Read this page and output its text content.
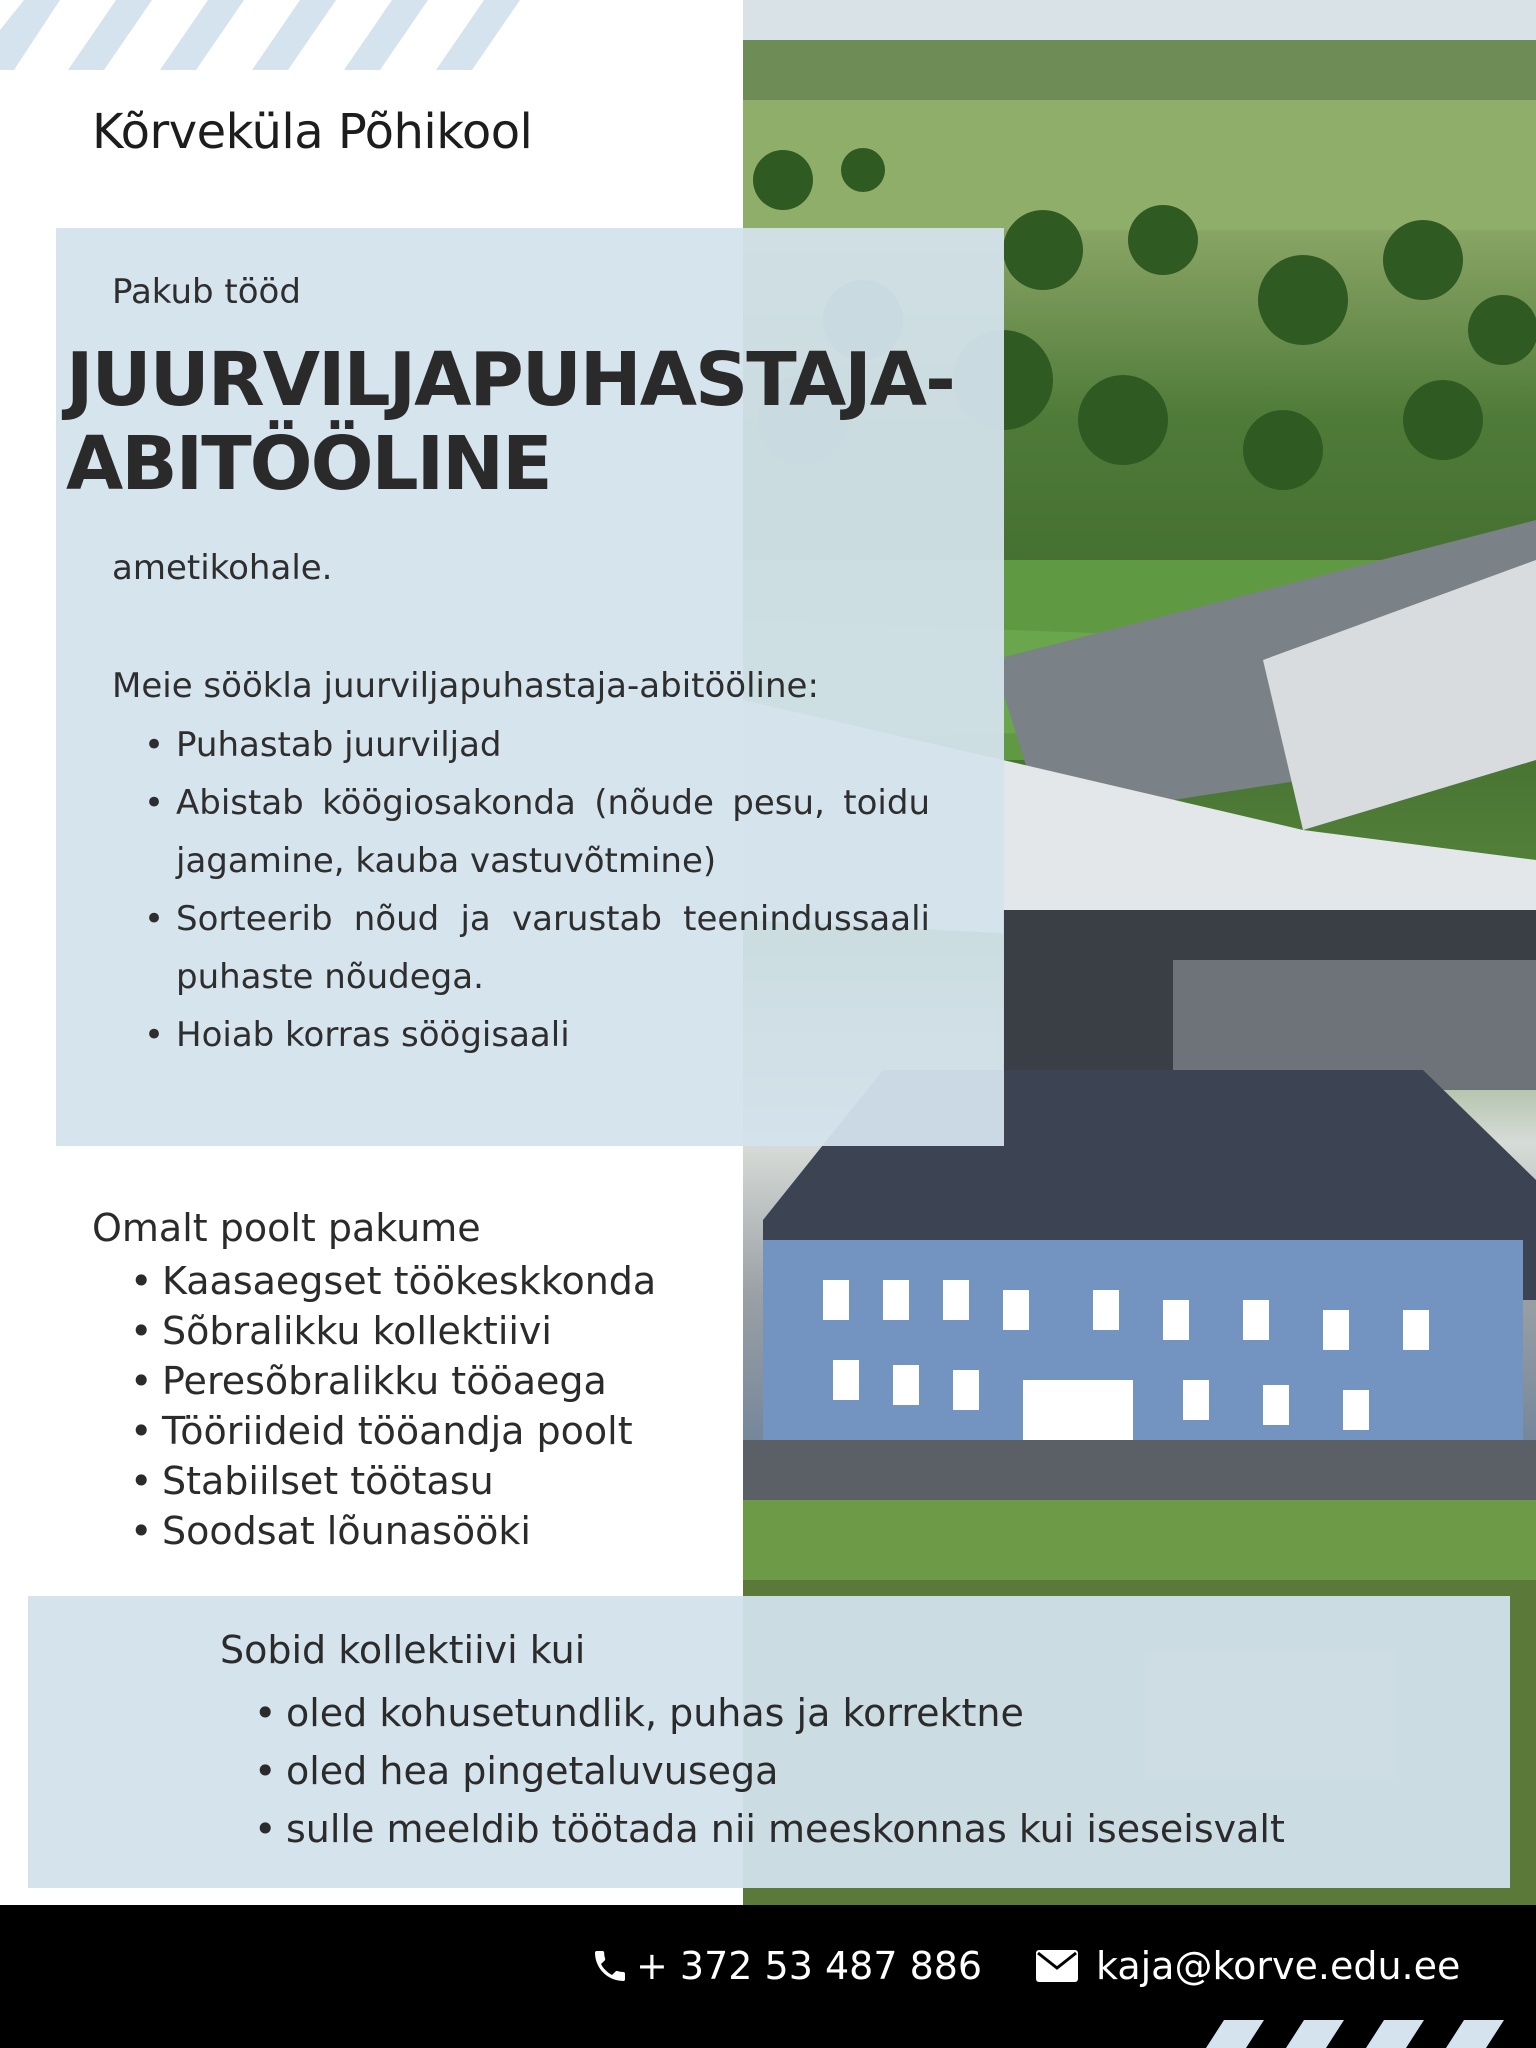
Kõrveküla Põhikool
Pakub tööd
JUURVILJAPUHASTAJA-
ABITÖÖLINE
ametikohale.
Meie söökla juurviljapuhastaja-abitööline:
• Puhastab juurviljad
• Abistab köögiosakonda (nõude pesu, toidu jagamine, kauba vastuvõtmine)
• Sorteerib nõud ja varustab teenindussaali puhaste nõudega.
• Hoiab korras söögisaali
Omalt poolt pakume
• Kaasaegset töökeskkonda
• Sõbralikku kollektiivi
• Peresõbralikku tööaega
• Tööriideid tööandja poolt
• Stabiilset töötasu
• Soodsat lõunasööki
Sobid kollektiivi kui
• oled kohusetundlik, puhas ja korrektne
• oled hea pingetaluvusega
• sulle meeldib töötada nii meeskonnas kui iseseisvalt
+ 372 53 487 886	kaja@korve.edu.ee
